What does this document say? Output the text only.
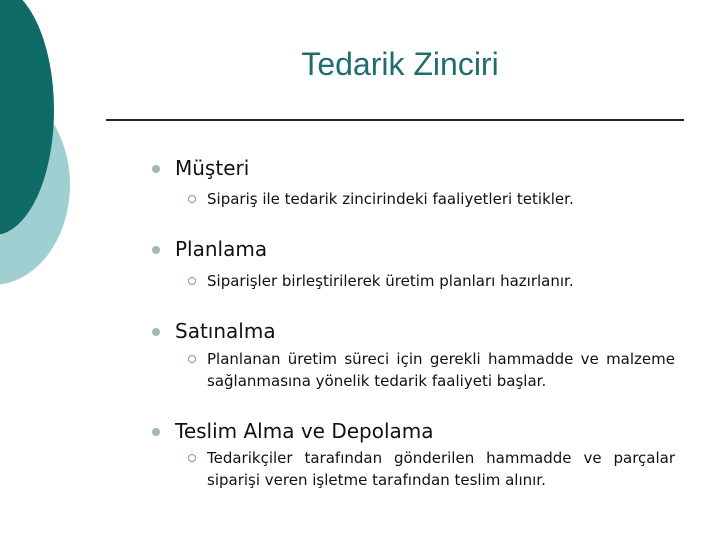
Tedarik Zinciri
Müşteri
Sipariş ile tedarik zincirindeki faaliyetleri tetikler.
Planlama
Siparişler birleştirilerek üretim planları hazırlanır.
Satınalma
Planlanan üretim süreci için gerekli hammadde ve malzeme sağlanmasına yönelik tedarik faaliyeti başlar.
Teslim Alma ve Depolama
Tedarikçiler tarafından gönderilen hammadde ve parçalar siparişi veren işletme tarafından teslim alınır.
